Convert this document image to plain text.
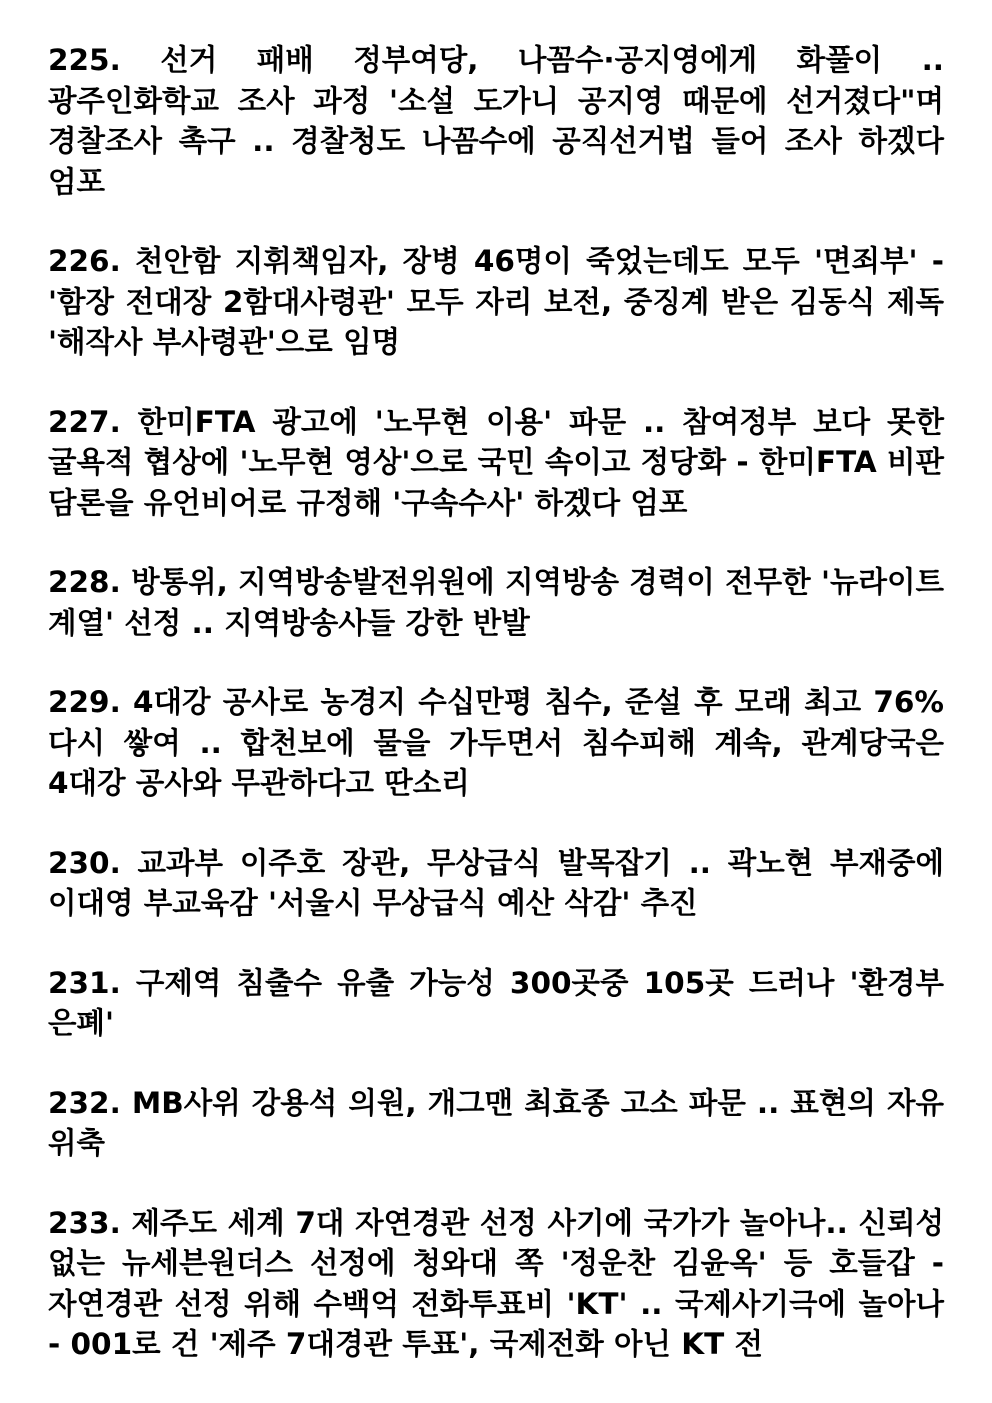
225. 선거 패배 정부여당, 나꼼수·공지영에게 화풀이 .. 광주인화학교 조사 과정 '소설 도가니 공지영 때문에 선거졌다"며 경찰조사 촉구 .. 경찰청도 나꼼수에 공직선거법 들어 조사 하겠다 엄포

226. 천안함 지휘책임자, 장병 46명이 죽었는데도 모두 '면죄부' - '함장 전대장 2함대사령관' 모두 자리 보전, 중징계 받은 김동식 제독 '해작사 부사령관'으로 임명

227. 한미FTA 광고에 '노무현 이용' 파문 .. 참여정부 보다 못한 굴욕적 협상에 '노무현 영상'으로 국민 속이고 정당화 - 한미FTA 비판 담론을 유언비어로 규정해 '구속수사' 하겠다 엄포

228. 방통위, 지역방송발전위원에 지역방송 경력이 전무한 '뉴라이트 계열' 선정 .. 지역방송사들 강한 반발

229. 4대강 공사로 농경지 수십만평 침수, 준설 후 모래 최고 76% 다시 쌓여 .. 합천보에 물을 가두면서 침수피해 계속, 관계당국은 4대강 공사와 무관하다고 딴소리

230. 교과부 이주호 장관, 무상급식 발목잡기 .. 곽노현 부재중에 이대영 부교육감 '서울시 무상급식 예산 삭감' 추진

231. 구제역 침출수 유출 가능성 300곳중 105곳 드러나 '환경부 은폐'

232. MB사위 강용석 의원, 개그맨 최효종 고소 파문 .. 표현의 자유 위축

233. 제주도 세계 7대 자연경관 선정 사기에 국가가 놀아나.. 신뢰성 없는 뉴세븐원더스 선정에 청와대 쪽 '정운찬 김윤옥' 등 호들갑 - 자연경관 선정 위해 수백억 전화투표비 'KT' .. 국제사기극에 놀아나 - 001로 건 '제주 7대경관 투표', 국제전화 아닌 KT 전
